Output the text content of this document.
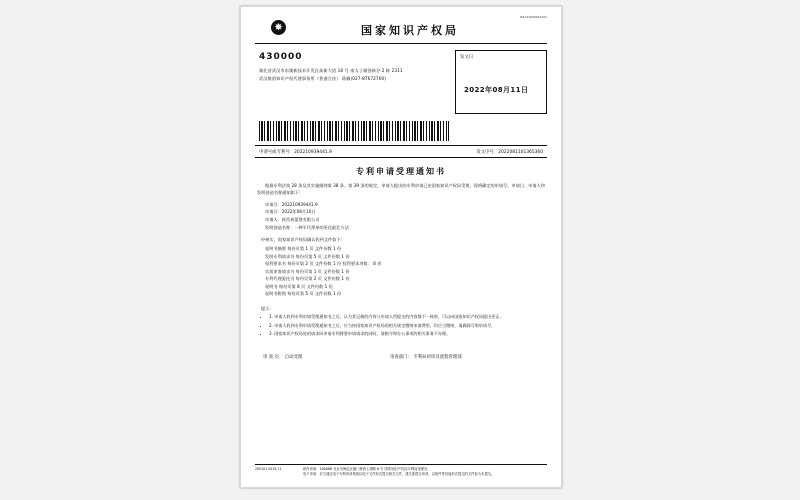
WX122009010101
✵	国家知识产权局
430000
湖北省武汉市东湖新技术开发区高新大道 18 号 南太子湖创新谷 2 栋 2311
武汉维盾知识产权代理事务所（普通合伙） 蒋楠(027-87672700)
发文日
2022年08月11日
申请号或专利号：202210939441.9	发文序号：2022081101365360
专利申请受理通知书
根据专利法第 28 条及其实施细则第 38 条、第 39 条的规定，申请人提出的专利申请已由国家知识产权局受理。现将确定的申请号、申请日、申请人和发明创造名称通知如下：
申请号：202210939441.9
申请日：2022年08月10日
申请人：陕西春蕾建有限公司
发明创造名称：一种半代焊单的更化取壮方法
经核实，国家知识产权局确认收到文件如下：
说明书摘要 每份页第 1 页 文件份数 1 份
发明专利请求书 每份页第 5 页 文件份数 1 份
权利要求书 每份页第 2 页 文件份数 1 份 权利要求项数： 8 项
实质审查请求书 每份页第 1 页 文件份数 1 份
专利代理委托书 每份页第 2 页 文件份数 1 份
说明书 每份页第 8 页 文件份数 1 份
说明书附图 每份页第 5 页 文件份数 1 份
提示：
• 1. 申请人收到专利申请受理通知书之后，认为其记载的内容与申请人所提交的内容都不一致时，可以向国家知识产权局提出更正。
• 2. 申请人收到专利申请受理通知书之后，应当按国家知识产权局的相关规定缴纳申请费用，均应当缴纳，请确保写明申请号。
• 3. 国家知识产权局处的请求同申请专利将要申请请求的同时，请指令和办公事项的相关事务不办理。
审 查 员： 自动受理	审查部门： 专利局初审及流程管理部
200101 2019.11	纸件申请：100088 北京市海淀区蓟门桥西土城路 6 号 国家知识产权局专利局受理处
电子申请：应当通过电子专利申请系统以电子文件形式提交相关文件，建关系提交申请，以纸件等其他形式提交的文件视为未提交。
